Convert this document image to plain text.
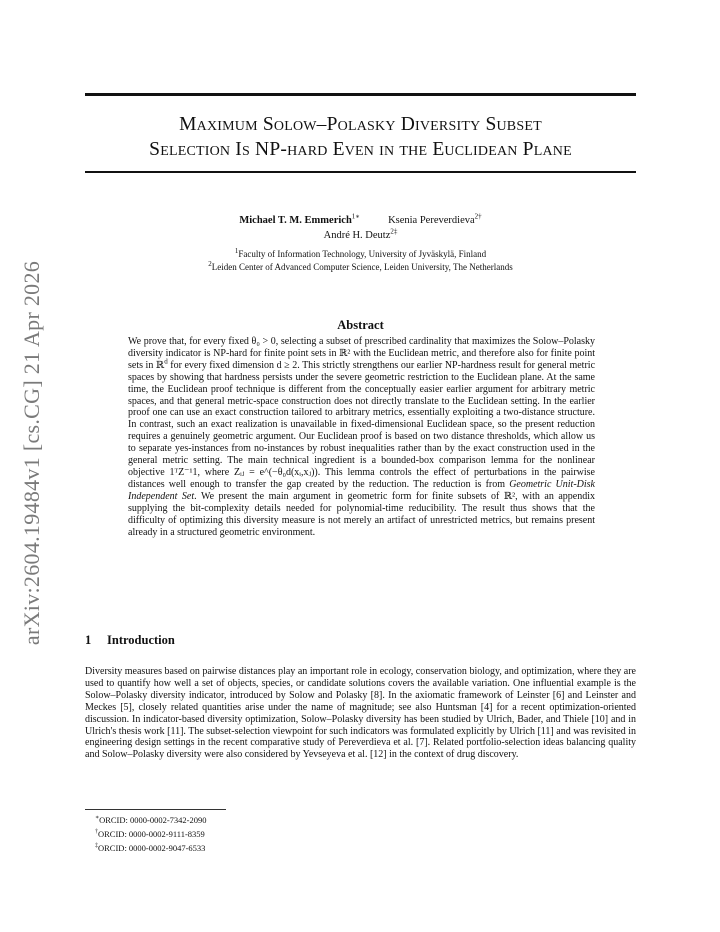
arXiv:2604.19484v1 [cs.CG] 21 Apr 2026
Maximum Solow–Polasky Diversity Subset
Selection Is NP-hard Even in the Euclidean Plane
Michael T. M. Emmerich$^{1∗}$	Ksenia Pereverdieva$^{2\dagger}$
André H. Deutz$^{2\ddagger}$
$^1$Faculty of Information Technology, University of Jyväskylä, Finland
$^2$Leiden Center of Advanced Computer Science, Leiden University, The Netherlands
Abstract
We prove that, for every fixed θ₀ > 0, selecting a subset of prescribed cardinality that maximizes the Solow–Polasky diversity indicator is NP-hard for finite point sets in ℝ² with the Euclidean metric, and therefore also for finite point sets in ℝ$^d$ for every fixed dimension d ≥ 2. This strictly strengthens our earlier NP-hardness result for general metric spaces by showing that hardness persists under the severe geometric restriction to the Euclidean plane. At the same time, the Euclidean proof technique is different from the conceptually easier earlier argument for arbitrary metric spaces, and that general metric-space construction does not directly translate to the Euclidean setting. In the earlier proof one can use an exact construction tailored to arbitrary metrics, essentially exploiting a two-distance structure. In contrast, such an exact realization is unavailable in fixed-dimensional Euclidean space, so the present reduction requires a genuinely geometric argument. Our Euclidean proof is based on two distance thresholds, which allow us to separate yes-instances from no-instances by robust inequalities rather than by the exact construction used in the general metric setting. The main technical ingredient is a bounded-box comparison lemma for the nonlinear objective 1ᵀZ⁻¹1, where Zᵢⱼ = e^(−θ₀d(xᵢ,xⱼ)). This lemma controls the effect of perturbations in the pairwise distances well enough to transfer the gap created by the reduction. The reduction is from Geometric Unit-Disk Independent Set. We present the main argument in geometric form for finite subsets of ℝ², with an appendix supplying the bit-complexity details needed for polynomial-time reducibility. The result thus shows that the difficulty of optimizing this diversity measure is not merely an artifact of unrestricted metrics, but remains present already in a structured geometric environment.
1 Introduction
Diversity measures based on pairwise distances play an important role in ecology, conservation biology, and optimization, where they are used to quantify how well a set of objects, species, or candidate solutions covers the available variation. One influential example is the Solow–Polasky diversity indicator, introduced by Solow and Polasky [8]. In the axiomatic framework of Leinster [6] and Leinster and Meckes [5], closely related quantities arise under the name of magnitude; see also Huntsman [4] for a recent optimization-oriented discussion. In indicator-based diversity optimization, Solow–Polasky diversity has been studied by Ulrich, Bader, and Thiele [10] and in Ulrich's thesis work [11]. The subset-selection viewpoint for such indicators was formulated explicitly by Ulrich [11] and was revisited in engineering design settings in the recent comparative study of Pereverdieva et al. [7]. Related portfolio-selection ideas balancing quality and Solow–Polasky diversity were also considered by Yevseyeva et al. [12] in the context of drug discovery.
∗ORCID: 0000-0002-7342-2090
†ORCID: 0000-0002-9111-8359
‡ORCID: 0000-0002-9047-6533
